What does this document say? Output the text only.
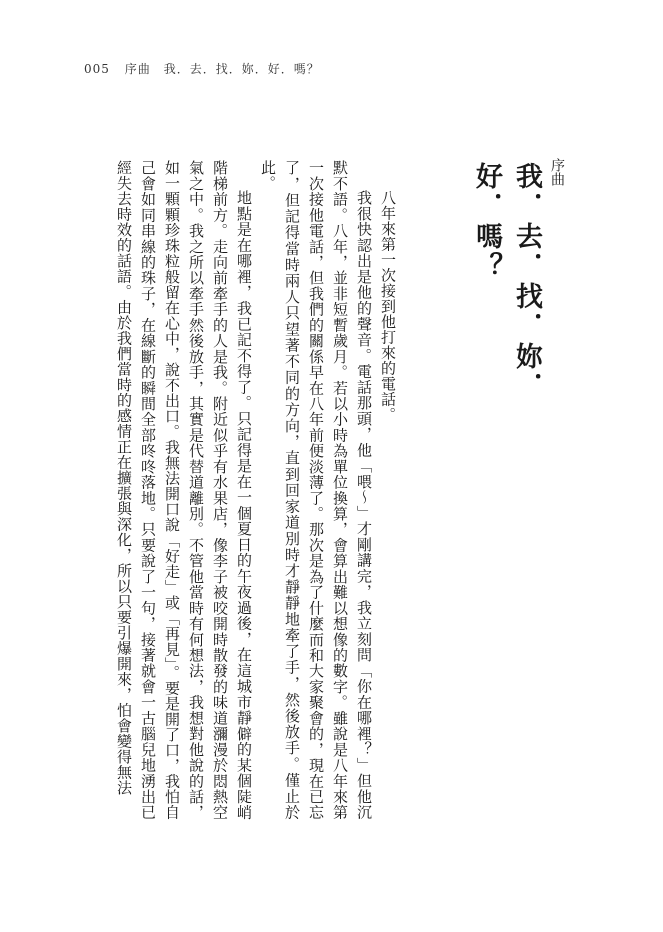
005 序曲　我．去．找．妳．好．嗎？

序曲

我．去．找．妳．好．嗎？

八年來第一次接到他打來的電話。

我很快認出是他的聲音。電話那頭，他「喂～」才剛講完，我立刻問「你在哪裡？」但他沉默不語。八年，並非短暫歲月。若以小時為單位換算，會算出難以想像的數字。雖說是八年來第一次接他電話，但我們的關係早在八年前便淡薄了。那次是為了什麼而和大家聚會的，現在已忘了，但記得當時兩人只望著不同的方向，直到回家道別時才靜靜地牽了手，然後放手。僅止於此。

地點是在哪裡，我已記不得了。只記得是在一個夏日的午夜過後，在這城市靜僻的某個陡峭階梯前方。走向前牽手的人是我。附近似乎有水果店，像李子被咬開時散發的味道瀰漫於悶熱空氣之中。我之所以牽手然後放手，其實是代替道離別。不管他當時有何想法，我想對他說的話，如一顆顆珍珠粒般留在心中，說不出口。我無法開口說「好走」或「再見」。要是開了口，我怕自己會如同串線的珠子，在線斷的瞬間全部咚咚落地。只要說了一句，接著就會一古腦兒地湧出已經失去時效的話語。由於我們當時的感情正在擴張與深化，所以只要引爆開來，怕會變得無法
